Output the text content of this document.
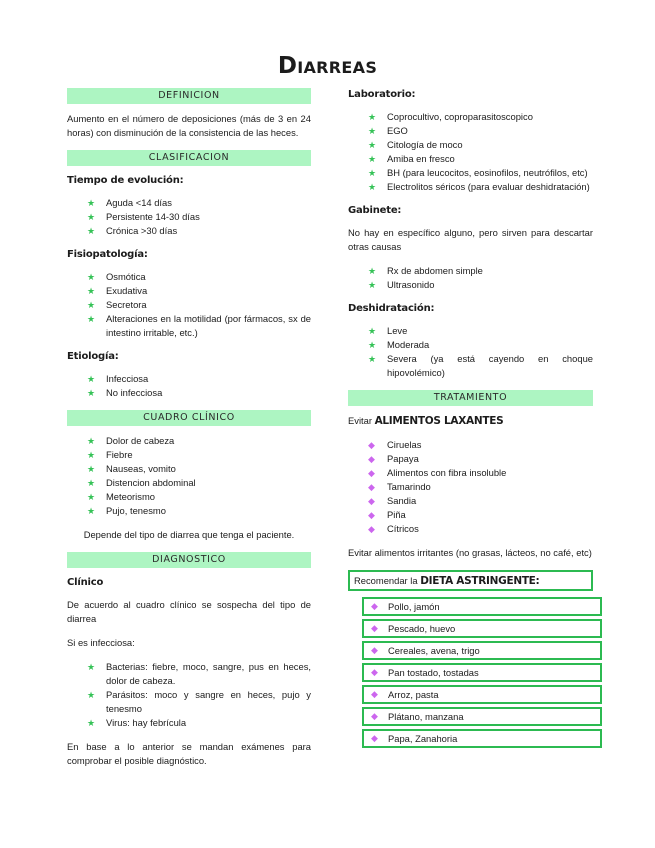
Diarreas
DEFINICION

Aumento en el número de deposiciones (más de 3 en 24 horas) con disminución de la consistencia de las heces.

CLASIFICACION

Tiempo de evolución:

★ Aguda <14 días
★ Persistente 14-30 días
★ Crónica >30 días

Fisiopatología:

★ Osmótica
★ Exudativa
★ Secretora
★ Alteraciones en la motilidad (por fármacos, sx de intestino irritable, etc.)

Etiología:

★ Infecciosa
★ No infecciosa
CUADRO CLÍNICO
★ Dolor de cabeza
★ Fiebre
★ Nauseas, vomito
★ Distencion abdominal
★ Meteorismo
★ Pujo, tenesmo

Depende del tipo de diarrea que tenga el paciente.

DIAGNOSTICO

Clínico

De acuerdo al cuadro clínico se sospecha del tipo de diarrea

Si es infecciosa:

★ Bacterias: fiebre, moco, sangre, pus en heces, dolor de cabeza.
★ Parásitos: moco y sangre en heces, pujo y tenesmo
★ Virus: hay febrícula

En base a lo anterior se mandan exámenes para comprobar el posible diagnóstico.

Laboratorio:

★ Coprocultivo, coproparasitoscopico
★ EGO
★ Citología de moco
★ Amiba en fresco
★ BH (para leucocitos, eosinofilos, neutrófilos, etc)
★ Electrolitos séricos (para evaluar deshidratación)

Gabinete:

No hay en específico alguno, pero sirven para descartar otras causas

★ Rx de abdomen simple
★ Ultrasonido

Deshidratación:

★ Leve
★ Moderada
★ Severa (ya está cayendo en choque hipovolémico)
TRATAMIENTO

Evitar ALIMENTOS LAXANTES

◆ Ciruelas
◆ Papaya
◆ Alimentos con fibra insoluble
◆ Tamarindo
◆ Sandia
◆ Piña
◆ Cítricos

Evitar alimentos irritantes (no grasas, lácteos, no café, etc)

Recomendar la DIETA ASTRINGENTE:
◆ Pollo, jamón
◆ Pescado, huevo
◆ Cereales, avena, trigo
◆ Pan tostado, tostadas
◆ Arroz, pasta
◆ Plátano, manzana
◆ Papa, Zanahoria
